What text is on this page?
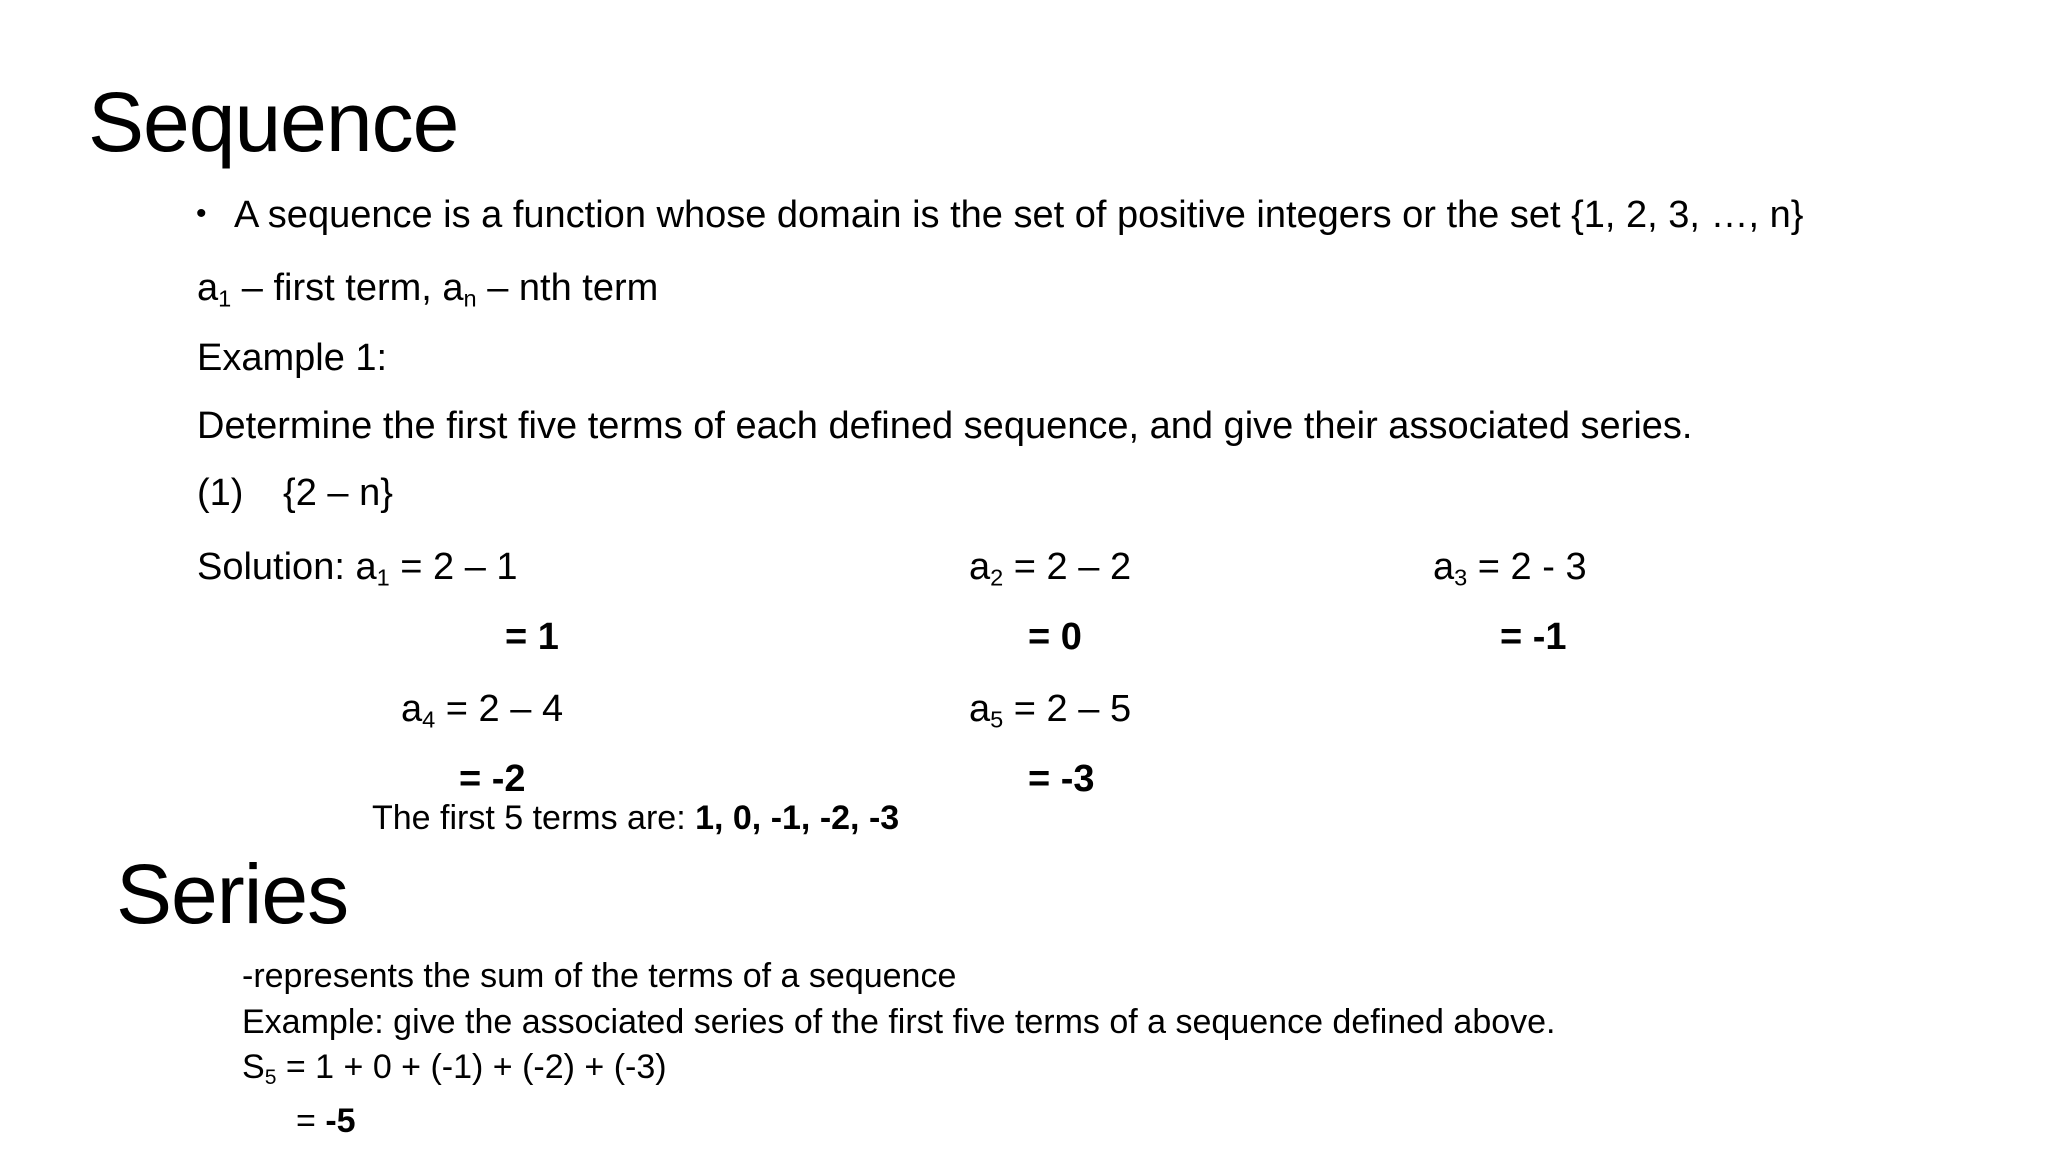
Sequence
• A sequence is a function whose domain is the set of positive integers or the set {1, 2, 3, …, n}
$a_1$ – first term, $a_n$ – nth term
Example 1:
Determine the first five terms of each defined sequence, and give their associated series.
(1) {2 – n}
Solution: $a_1 = 2 - 1$	$a_2 = 2 - 2$	$a_3 = 2 - 3$
= 1	= 0	= -1
$a_4 = 2 - 4$	$a_5 = 2 - 5$
= -2	= -3
The first 5 terms are: 1, 0, -1, -2, -3
Series
-represents the sum of the terms of a sequence
Example: give the associated series of the first five terms of a sequence defined above.
$S_5 = 1 + 0 + (-1) + (-2) + (-3)$
= -5
